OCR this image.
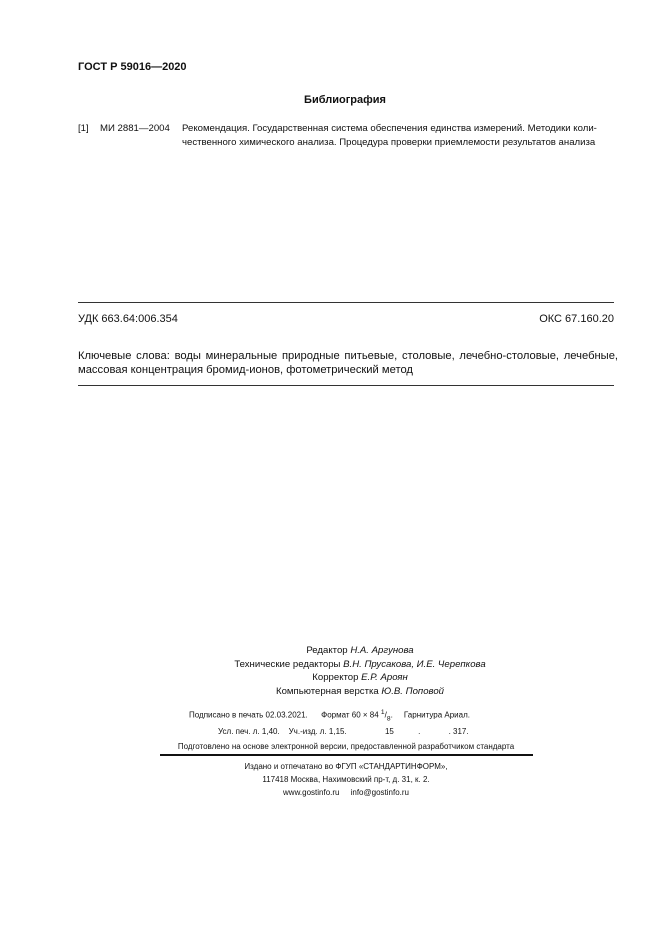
ГОСТ Р 59016—2020
Библиография
[1] МИ 2881—2004 Рекомендация. Государственная система обеспечения единства измерений. Методики коли-
чественного химического анализа. Процедура проверки приемлемости результатов анализа
УДК 663.64:006.354	ОКС 67.160.20
Ключевые слова: воды минеральные природные питьевые, столовые, лечебно-столовые, лечебные, массовая концентрация бромид-ионов, фотометрический метод
Редактор Н.А. Аргунова
Технические редакторы В.Н. Прусакова, И.Е. Черепкова
Корректор Е.Р. Ароян
Компьютерная верстка Ю.В. Поповой
Подписано в печать 02.03.2021. Формат 60 × 84 $^1/_8$. Гарнитура Ариал.
Усл. печ. л. 1,40. Уч.-изд. л. 1,15.	15	.	. 317.
Подготовлено на основе электронной версии, предоставленной разработчиком стандарта
Издано и отпечатано во ФГУП «СТАНДАРТИНФОРМ»,
117418 Москва, Нахимовский пр-т, д. 31, к. 2.
www.gostinfo.ru info@gostinfo.ru
